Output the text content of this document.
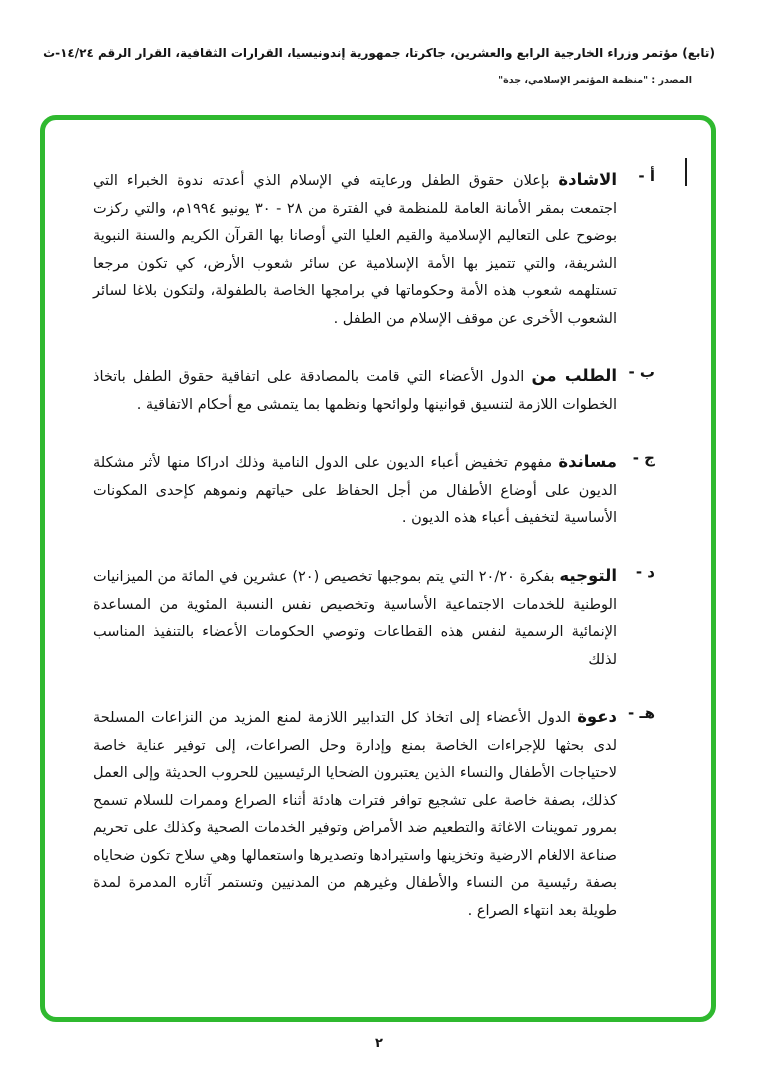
(تابع) مؤتمر وزراء الخارجية الرابع والعشرين، جاكرتا، جمهورية إندونيسيا، القرارات الثقافية، القرار الرقم ١٤/٢٤-ث
المصدر : "منظمة المؤتمر الإسلامي، جدة"
أ -
الاشادة بإعلان حقوق الطفل ورعايته في الإسلام الذي أعدته ندوة الخبراء التي اجتمعت بمقر الأمانة العامة للمنظمة في الفترة من ٢٨ - ٣٠ يونيو ١٩٩٤م، والتي ركزت بوضوح على التعاليم الإسلامية والقيم العليا التي أوصانا بها القرآن الكريم والسنة النبوية الشريفة، والتي تتميز بها الأمة الإسلامية عن سائر شعوب الأرض، كي تكون مرجعا تستلهمه شعوب هذه الأمة وحكوماتها في برامجها الخاصة بالطفولة، ولتكون بلاغا لسائر الشعوب الأخرى عن موقف الإسلام من الطفل .
ب -
الطلب من الدول الأعضاء التي قامت بالمصادقة على اتفاقية حقوق الطفل باتخاذ الخطوات اللازمة لتنسيق قوانينها ولوائحها ونظمها بما يتمشى مع أحكام الاتفاقية .
ج -
مساندة مفهوم تخفيض أعباء الديون على الدول النامية وذلك ادراكا منها لأثر مشكلة الديون على أوضاع الأطفال من أجل الحفاظ على حياتهم ونموهم كإحدى المكونات الأساسية لتخفيف أعباء هذه الديون .
د -
التوجيه بفكرة ٢٠/٢٠ التي يتم بموجبها تخصيص (٢٠) عشرين في المائة من الميزانيات الوطنية للخدمات الاجتماعية الأساسية وتخصيص نفس النسبة المئوية من المساعدة الإنمائية الرسمية لنفس هذه القطاعات وتوصي الحكومات الأعضاء بالتنفيذ المناسب لذلك
هـ -
دعوة الدول الأعضاء إلى اتخاذ كل التدابير اللازمة لمنع المزيد من النزاعات المسلحة لدى بحثها للإجراءات الخاصة بمنع وإدارة وحل الصراعات، إلى توفير عناية خاصة لاحتياجات الأطفال والنساء الذين يعتبرون الضحايا الرئيسيين للحروب الحديثة وإلى العمل كذلك، بصفة خاصة على تشجيع توافر فترات هادئة أثناء الصراع وممرات للسلام تسمح بمرور تموينات الاغاثة والتطعيم ضد الأمراض وتوفير الخدمات الصحية وكذلك على تحريم صناعة الالغام الارضية وتخزينها واستيرادها وتصديرها واستعمالها وهي سلاح تكون ضحاياه بصفة رئيسية من النساء والأطفال وغيرهم من المدنيين وتستمر آثاره المدمرة لمدة طويلة بعد انتهاء الصراع .
٢
